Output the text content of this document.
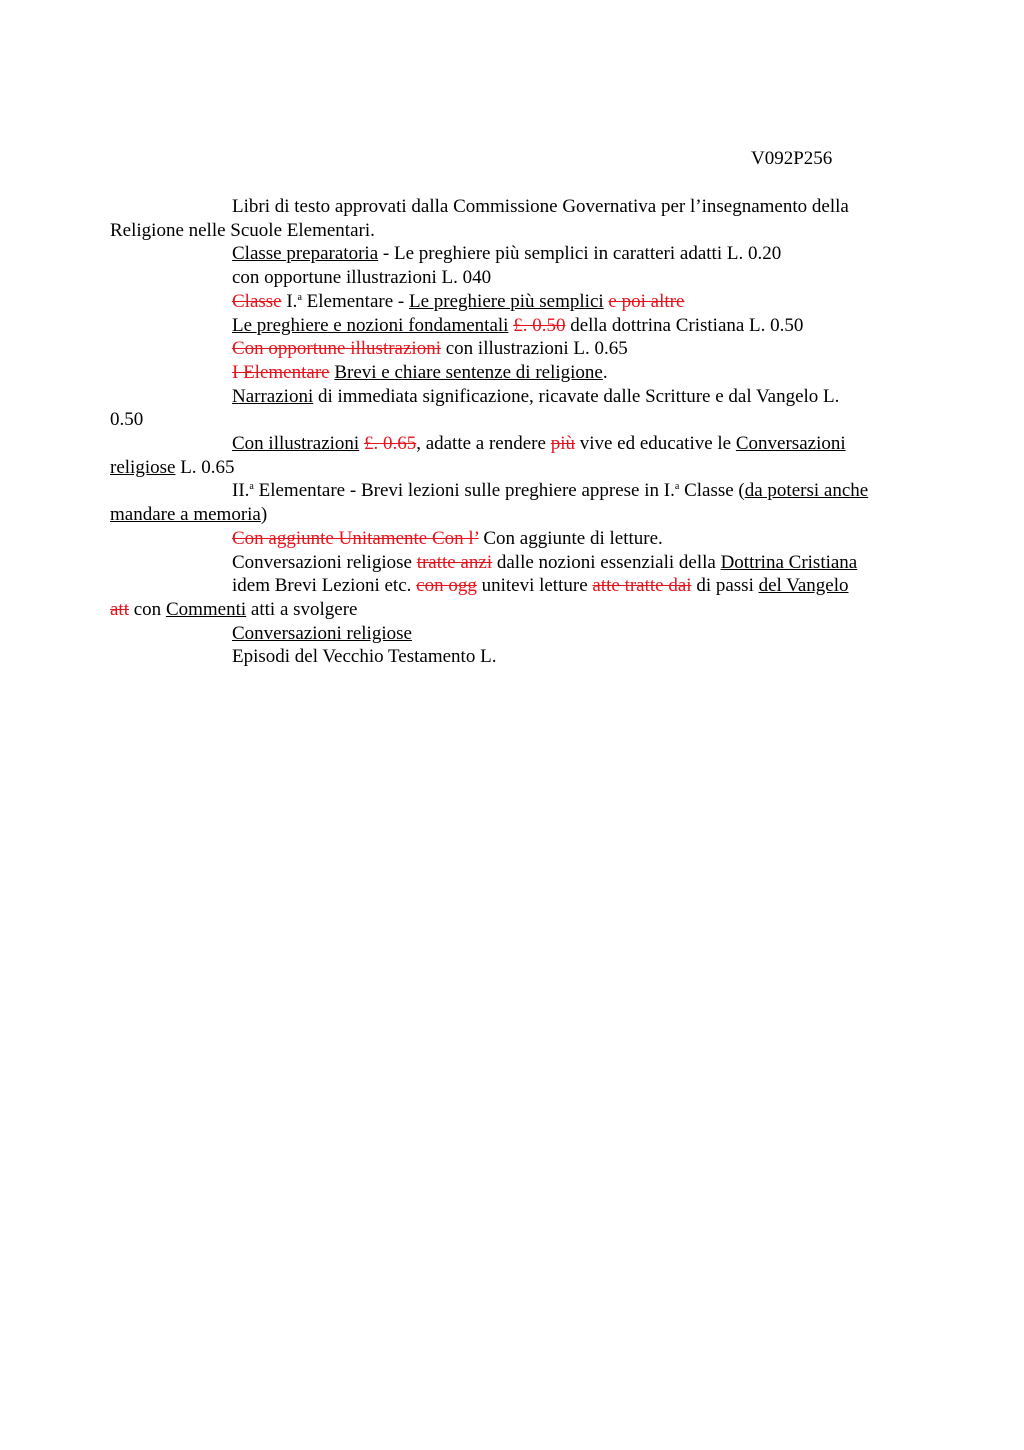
V092P256
Libri di testo approvati dalla Commissione Governativa per l’insegnamento della
Religione nelle Scuole Elementari.
Classe preparatoria - Le preghiere più semplici in caratteri adatti L. 0.20
con opportune illustrazioni L. 040
Classe I.$^a$ Elementare - Le preghiere più semplici e poi altre
Le preghiere e nozioni fondamentali £. 0.50 della dottrina Cristiana L. 0.50
Con opportune illustrazioni con illustrazioni L. 0.65
I Elementare Brevi e chiare sentenze di religione.
Narrazioni di immediata significazione, ricavate dalle Scritture e dal Vangelo L.
0.50
Con illustrazioni £. 0.65, adatte a rendere più vive ed educative le Conversazioni
religiose L. 0.65
II.$^a$ Elementare - Brevi lezioni sulle preghiere apprese in I.$^a$ Classe (da potersi anche
mandare a memoria)
Con aggiunte Unitamente Con l’ Con aggiunte di letture.
Conversazioni religiose tratte anzi dalle nozioni essenziali della Dottrina Cristiana
idem Brevi Lezioni etc. con ogg unitevi letture atte tratte dai di passi del Vangelo
att con Commenti atti a svolgere
Conversazioni religiose
Episodi del Vecchio Testamento L.
